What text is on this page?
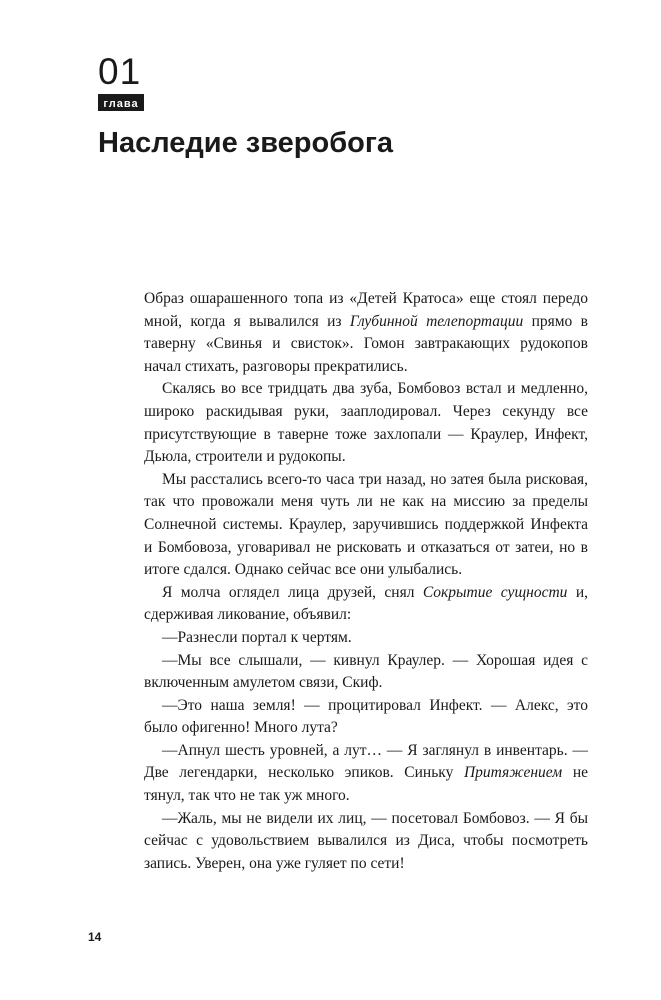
01
глава
Наследие зверобога

Образ ошарашенного топа из «Детей Кратоса» еще стоял передо мной, когда я вывалился из Глубинной телепортации прямо в таверну «Свинья и свисток». Гомон завтракающих рудокопов начал стихать, разговоры прекратились.

Скалясь во все тридцать два зуба, Бомбовоз встал и медленно, широко раскидывая руки, зааплодировал. Через секунду все присутствующие в таверне тоже захлопали — Краулер, Инфект, Дьюла, строители и рудокопы.

Мы расстались всего-то часа три назад, но затея была рисковая, так что провожали меня чуть ли не как на миссию за пределы Солнечной системы. Краулер, заручившись поддержкой Инфекта и Бомбовоза, уговаривал не рисковать и отказаться от затеи, но в итоге сдался. Однако сейчас все они улыбались.

Я молча оглядел лица друзей, снял Сокрытие сущности и, сдерживая ликование, объявил:

—Разнесли портал к чертям.

—Мы все слышали, — кивнул Краулер. — Хорошая идея с включенным амулетом связи, Скиф.

—Это наша земля! — процитировал Инфект. — Алекс, это было офигенно! Много лута?

—Апнул шесть уровней, а лут… — Я заглянул в инвентарь. — Две легендарки, несколько эпиков. Синьку Притяжением не тянул, так что не так уж много.

—Жаль, мы не видели их лиц, — посетовал Бомбовоз. — Я бы сейчас с удовольствием вывалился из Диса, чтобы посмотреть запись. Уверен, она уже гуляет по сети!

14
